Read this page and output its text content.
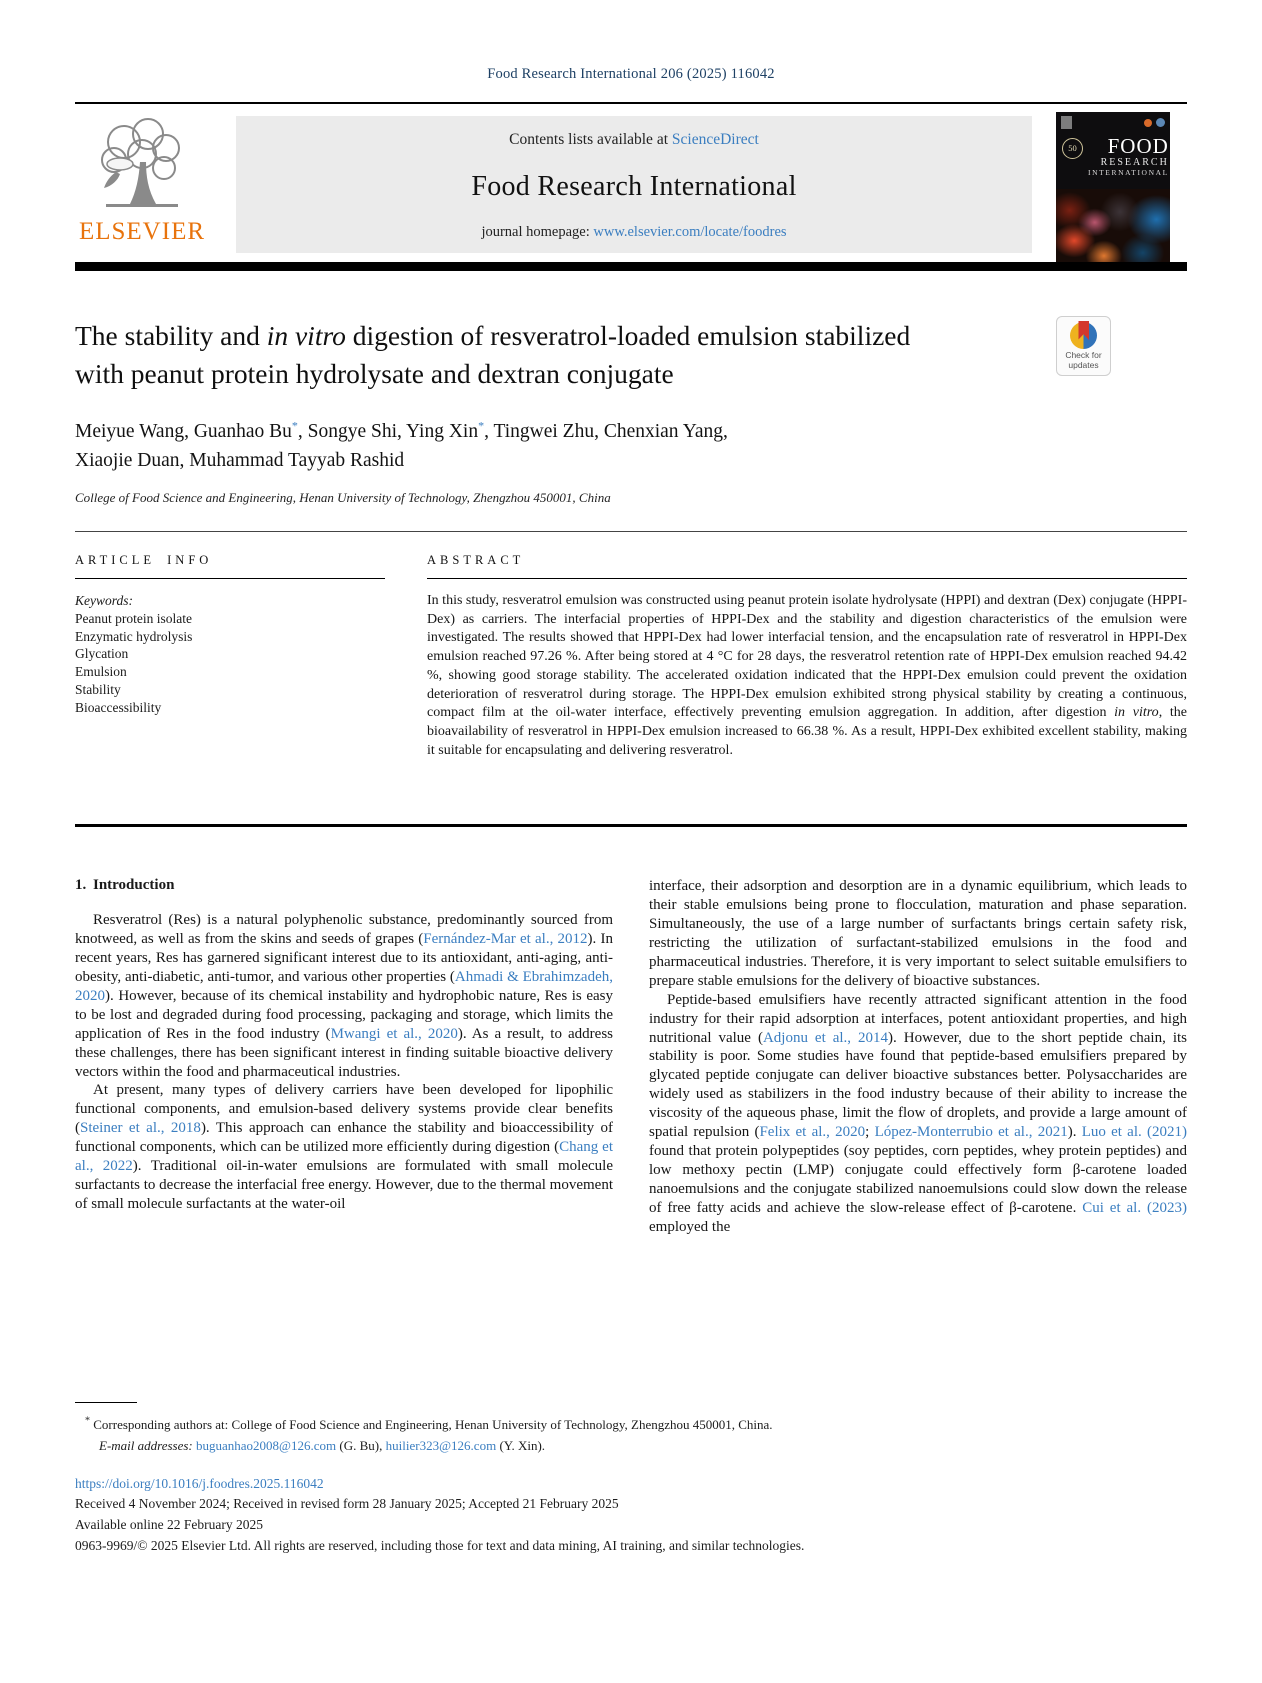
Food Research International 206 (2025) 116042
ELSEVIER
Contents lists available at ScienceDirect
Food Research International
journal homepage: www.elsevier.com/locate/foodres
50	FOOD
RESEARCH
INTERNATIONAL
Check for
updates
The stability and in vitro digestion of resveratrol-loaded emulsion stabilized
with peanut protein hydrolysate and dextran conjugate
Meiyue Wang, Guanhao Bu*, Songye Shi, Ying Xin*, Tingwei Zhu, Chenxian Yang,
Xiaojie Duan, Muhammad Tayyab Rashid
College of Food Science and Engineering, Henan University of Technology, Zhengzhou 450001, China
ARTICLE INFO
Keywords:
Peanut protein isolate
Enzymatic hydrolysis
Glycation
Emulsion
Stability
Bioaccessibility
ABSTRACT
In this study, resveratrol emulsion was constructed using peanut protein isolate hydrolysate (HPPI) and dextran (Dex) conjugate (HPPI-Dex) as carriers. The interfacial properties of HPPI-Dex and the stability and digestion characteristics of the emulsion were investigated. The results showed that HPPI-Dex had lower interfacial tension, and the encapsulation rate of resveratrol in HPPI-Dex emulsion reached 97.26 %. After being stored at 4 °C for 28 days, the resveratrol retention rate of HPPI-Dex emulsion reached 94.42 %, showing good storage stability. The accelerated oxidation indicated that the HPPI-Dex emulsion could prevent the oxidation deterioration of resveratrol during storage. The HPPI-Dex emulsion exhibited strong physical stability by creating a continuous, compact film at the oil-water interface, effectively preventing emulsion aggregation. In addition, after digestion in vitro, the bioavailability of resveratrol in HPPI-Dex emulsion increased to 66.38 %. As a result, HPPI-Dex exhibited excellent stability, making it suitable for encapsulating and delivering resveratrol.
1. Introduction

Resveratrol (Res) is a natural polyphenolic substance, predominantly sourced from knotweed, as well as from the skins and seeds of grapes (Fernández-Mar et al., 2012). In recent years, Res has garnered significant interest due to its antioxidant, anti-aging, anti-obesity, anti-diabetic, anti-tumor, and various other properties (Ahmadi & Ebrahimzadeh, 2020). However, because of its chemical instability and hydrophobic nature, Res is easy to be lost and degraded during food processing, packaging and storage, which limits the application of Res in the food industry (Mwangi et al., 2020). As a result, to address these challenges, there has been significant interest in finding suitable bioactive delivery vectors within the food and pharmaceutical industries.

At present, many types of delivery carriers have been developed for lipophilic functional components, and emulsion-based delivery systems provide clear benefits (Steiner et al., 2018). This approach can enhance the stability and bioaccessibility of functional components, which can be utilized more efficiently during digestion (Chang et al., 2022). Traditional oil-in-water emulsions are formulated with small molecule surfactants to decrease the interfacial free energy. However, due to the thermal movement of small molecule surfactants at the water-oil

interface, their adsorption and desorption are in a dynamic equilibrium, which leads to their stable emulsions being prone to flocculation, maturation and phase separation. Simultaneously, the use of a large number of surfactants brings certain safety risk, restricting the utilization of surfactant-stabilized emulsions in the food and pharmaceutical industries. Therefore, it is very important to select suitable emulsifiers to prepare stable emulsions for the delivery of bioactive substances.

Peptide-based emulsifiers have recently attracted significant attention in the food industry for their rapid adsorption at interfaces, potent antioxidant properties, and high nutritional value (Adjonu et al., 2014). However, due to the short peptide chain, its stability is poor. Some studies have found that peptide-based emulsifiers prepared by glycated peptide conjugate can deliver bioactive substances better. Polysaccharides are widely used as stabilizers in the food industry because of their ability to increase the viscosity of the aqueous phase, limit the flow of droplets, and provide a large amount of spatial repulsion (Felix et al., 2020; López-Monterrubio et al., 2021). Luo et al. (2021) found that protein polypeptides (soy peptides, corn peptides, whey protein peptides) and low methoxy pectin (LMP) conjugate could effectively form β-carotene loaded nanoemulsions and the conjugate stabilized nanoemulsions could slow down the release of free fatty acids and achieve the slow-release effect of β-carotene. Cui et al. (2023) employed the

* Corresponding authors at: College of Food Science and Engineering, Henan University of Technology, Zhengzhou 450001, China.
E-mail addresses: buguanhao2008@126.com (G. Bu), huilier323@126.com (Y. Xin).
https://doi.org/10.1016/j.foodres.2025.116042
Received 4 November 2024; Received in revised form 28 January 2025; Accepted 21 February 2025
Available online 22 February 2025
0963-9969/© 2025 Elsevier Ltd. All rights are reserved, including those for text and data mining, AI training, and similar technologies.
